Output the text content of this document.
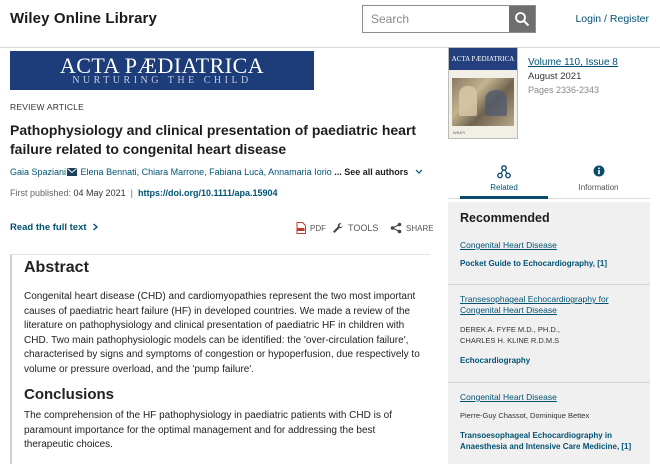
Wiley Online Library
Search	Login / Register
ACTA PÆDIATRICA
NURTURING THE CHILD
REVIEW ARTICLE
Pathophysiology and clinical presentation of paediatric heart failure related to congenital heart disease
Gaia Spaziani Elena Bennati, Chiara Marrone, Fabiana Lucà, Annamaria Iorio ... See all authors
First published: 04 May 2021  |  https://doi.org/10.1111/apa.15904
Read the full text	PDF TOOLS	SHARE
Abstract

Congenital heart disease (CHD) and cardiomyopathies represent the two most important causes of paediatric heart failure (HF) in developed countries. We made a review of the literature on pathophysiology and clinical presentation of paediatric HF in children with CHD. Two main pathophysiologic models can be identified: the 'over-circulation failure', characterised by signs and symptoms of congestion or hypoperfusion, due respectively to volume or pressure overload, and the 'pump failure'.

Conclusions

The comprehension of the HF pathophysiology in paediatric patients with CHD is of paramount importance for the optimal management and for addressing the best therapeutic choices.

ACTA PÆDIATRICA
WILEY
Volume 110, Issue 8
August 2021
Pages 2336-2343
Related	Information
Recommended
Congenital Heart Disease
Pocket Guide to Echocardiography, [1]
Transesophageal Echocardiography for Congenital Heart Disease
DEREK A. FYFE M.D., PH.D.,
CHARLES H. KLINE R.D.M.S
Echocardiography
Congenital Heart Disease
Pierre-Guy Chassot, Dominique Bettex
Transoesophageal Echocardiography in Anaesthesia and Intensive Care Medicine, [1]
